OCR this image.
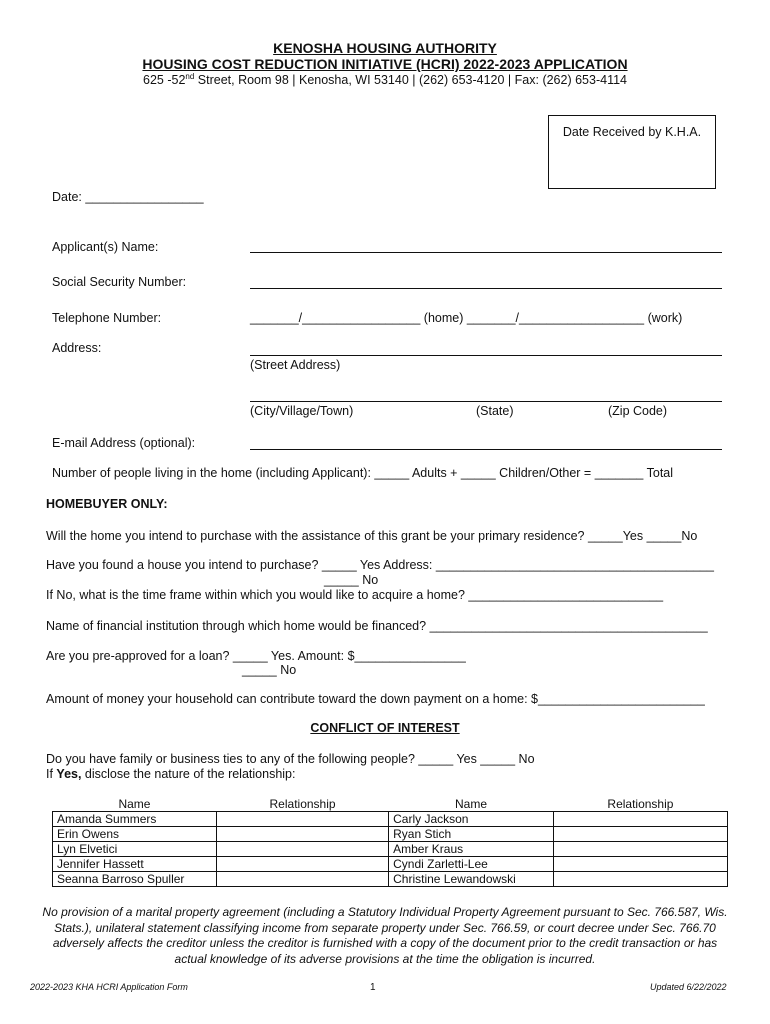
KENOSHA HOUSING AUTHORITY
HOUSING COST REDUCTION INITIATIVE (HCRI) 2022-2023 APPLICATION
625 -52nd Street, Room 98 | Kenosha, WI 53140 | (262) 653-4120 | Fax: (262) 653-4114
Date Received by K.H.A.
Date: _________________
Applicant(s) Name:
Social Security Number:
Telephone Number:	_______/_________________ (home) _______/__________________ (work)
Address:
(Street Address)
(City/Village/Town)	(State)	(Zip Code)
E-mail Address (optional):
Number of people living in the home (including Applicant): _____ Adults + _____ Children/Other = _______ Total
HOMEBUYER ONLY:
Will the home you intend to purchase with the assistance of this grant be your primary residence? _____Yes _____No
Have you found a house you intend to purchase? _____ Yes Address: ________________________________________
_____ No
If No, what is the time frame within which you would like to acquire a home? ____________________________
Name of financial institution through which home would be financed? ________________________________________
Are you pre-approved for a loan? _____ Yes. Amount: $________________
_____ No
Amount of money your household can contribute toward the down payment on a home: $________________________
CONFLICT OF INTEREST
Do you have family or business ties to any of the following people? _____ Yes _____ No
If Yes, disclose the nature of the relationship:
Name	Relationship	Name	Relationship
Amanda Summers		Carly Jackson	
Erin Owens		Ryan Stich	
Lyn Elvetici		Amber Kraus	
Jennifer Hassett		Cyndi Zarletti-Lee	
Seanna Barroso Spuller		Christine Lewandowski	
No provision of a marital property agreement (including a Statutory Individual Property Agreement pursuant to Sec. 766.587, Wis. Stats.), unilateral statement classifying income from separate property under Sec. 766.59, or court decree under Sec. 766.70 adversely affects the creditor unless the creditor is furnished with a copy of the document prior to the credit transaction or has actual knowledge of its adverse provisions at the time the obligation is incurred.
2022-2023 KHA HCRI Application Form	1	Updated 6/22/2022
